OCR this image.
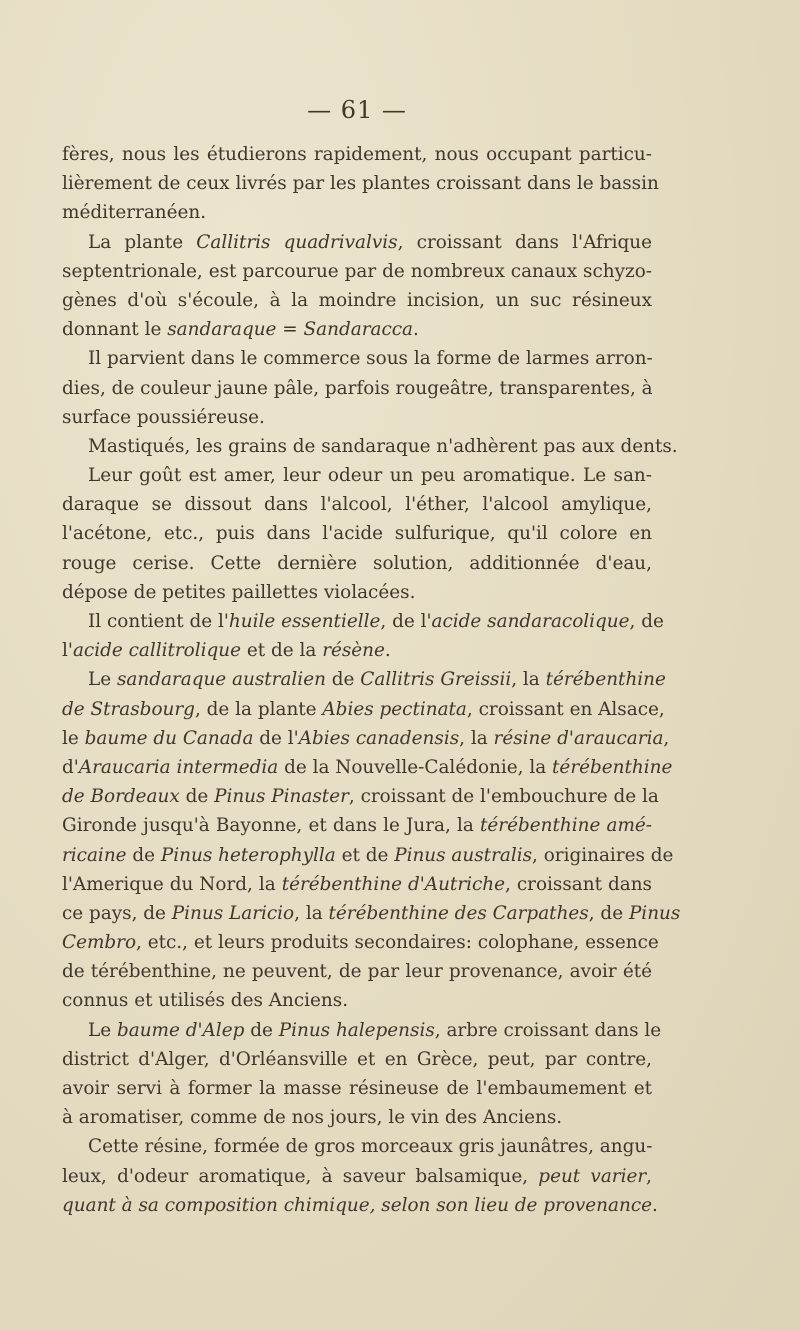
— 61 —
fères, nous les étudierons rapidement, nous occupant particu-
lièrement de ceux livrés par les plantes croissant dans le bassin
méditerranéen.
La plante Callitris quadrivalvis, croissant dans l'Afrique
septentrionale, est parcourue par de nombreux canaux schyzo-
gènes d'où s'écoule, à la moindre incision, un suc résineux
donnant le sandaraque = Sandaracca.
Il parvient dans le commerce sous la forme de larmes arron-
dies, de couleur jaune pâle, parfois rougeâtre, transparentes, à
surface poussiéreuse.
Mastiqués, les grains de sandaraque n'adhèrent pas aux dents.
Leur goût est amer, leur odeur un peu aromatique. Le san-
daraque se dissout dans l'alcool, l'éther, l'alcool amylique,
l'acétone, etc., puis dans l'acide sulfurique, qu'il colore en
rouge cerise. Cette dernière solution, additionnée d'eau,
dépose de petites paillettes violacées.
Il contient de l'huile essentielle, de l'acide sandaracolique, de
l'acide callitrolique et de la résène.
Le sandaraque australien de Callitris Greissii, la térébenthine
de Strasbourg, de la plante Abies pectinata, croissant en Alsace,
le baume du Canada de l'Abies canadensis, la résine d'araucaria,
d'Araucaria intermedia de la Nouvelle-Calédonie, la térébenthine
de Bordeaux de Pinus Pinaster, croissant de l'embouchure de la
Gironde jusqu'à Bayonne, et dans le Jura, la térébenthine amé-
ricaine de Pinus heterophylla et de Pinus australis, originaires de
l'Amerique du Nord, la térébenthine d'Autriche, croissant dans
ce pays, de Pinus Laricio, la térébenthine des Carpathes, de Pinus
Cembro, etc., et leurs produits secondaires: colophane, essence
de térébenthine, ne peuvent, de par leur provenance, avoir été
connus et utilisés des Anciens.
Le baume d'Alep de Pinus halepensis, arbre croissant dans le
district d'Alger, d'Orléansville et en Grèce, peut, par contre,
avoir servi à former la masse résineuse de l'embaumement et
à aromatiser, comme de nos jours, le vin des Anciens.
Cette résine, formée de gros morceaux gris jaunâtres, angu-
leux, d'odeur aromatique, à saveur balsamique, peut varier,
quant à sa composition chimique, selon son lieu de provenance.
